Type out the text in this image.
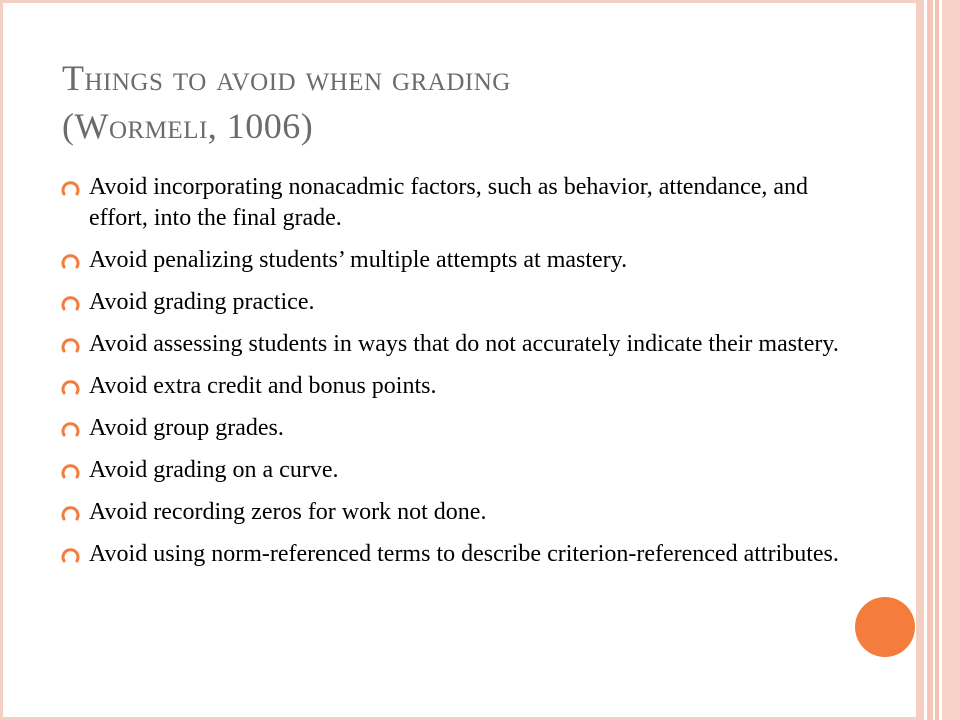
Things to avoid when grading
(Wormeli, 1006)
Avoid incorporating nonacadmic factors, such as behavior, attendance, and effort, into the final grade.
Avoid penalizing students’ multiple attempts at mastery.
Avoid grading practice.
Avoid assessing students in ways that do not accurately indicate their mastery.
Avoid extra credit and bonus points.
Avoid group grades.
Avoid grading on a curve.
Avoid recording zeros for work not done.
Avoid using norm-referenced terms to describe criterion-referenced attributes.
